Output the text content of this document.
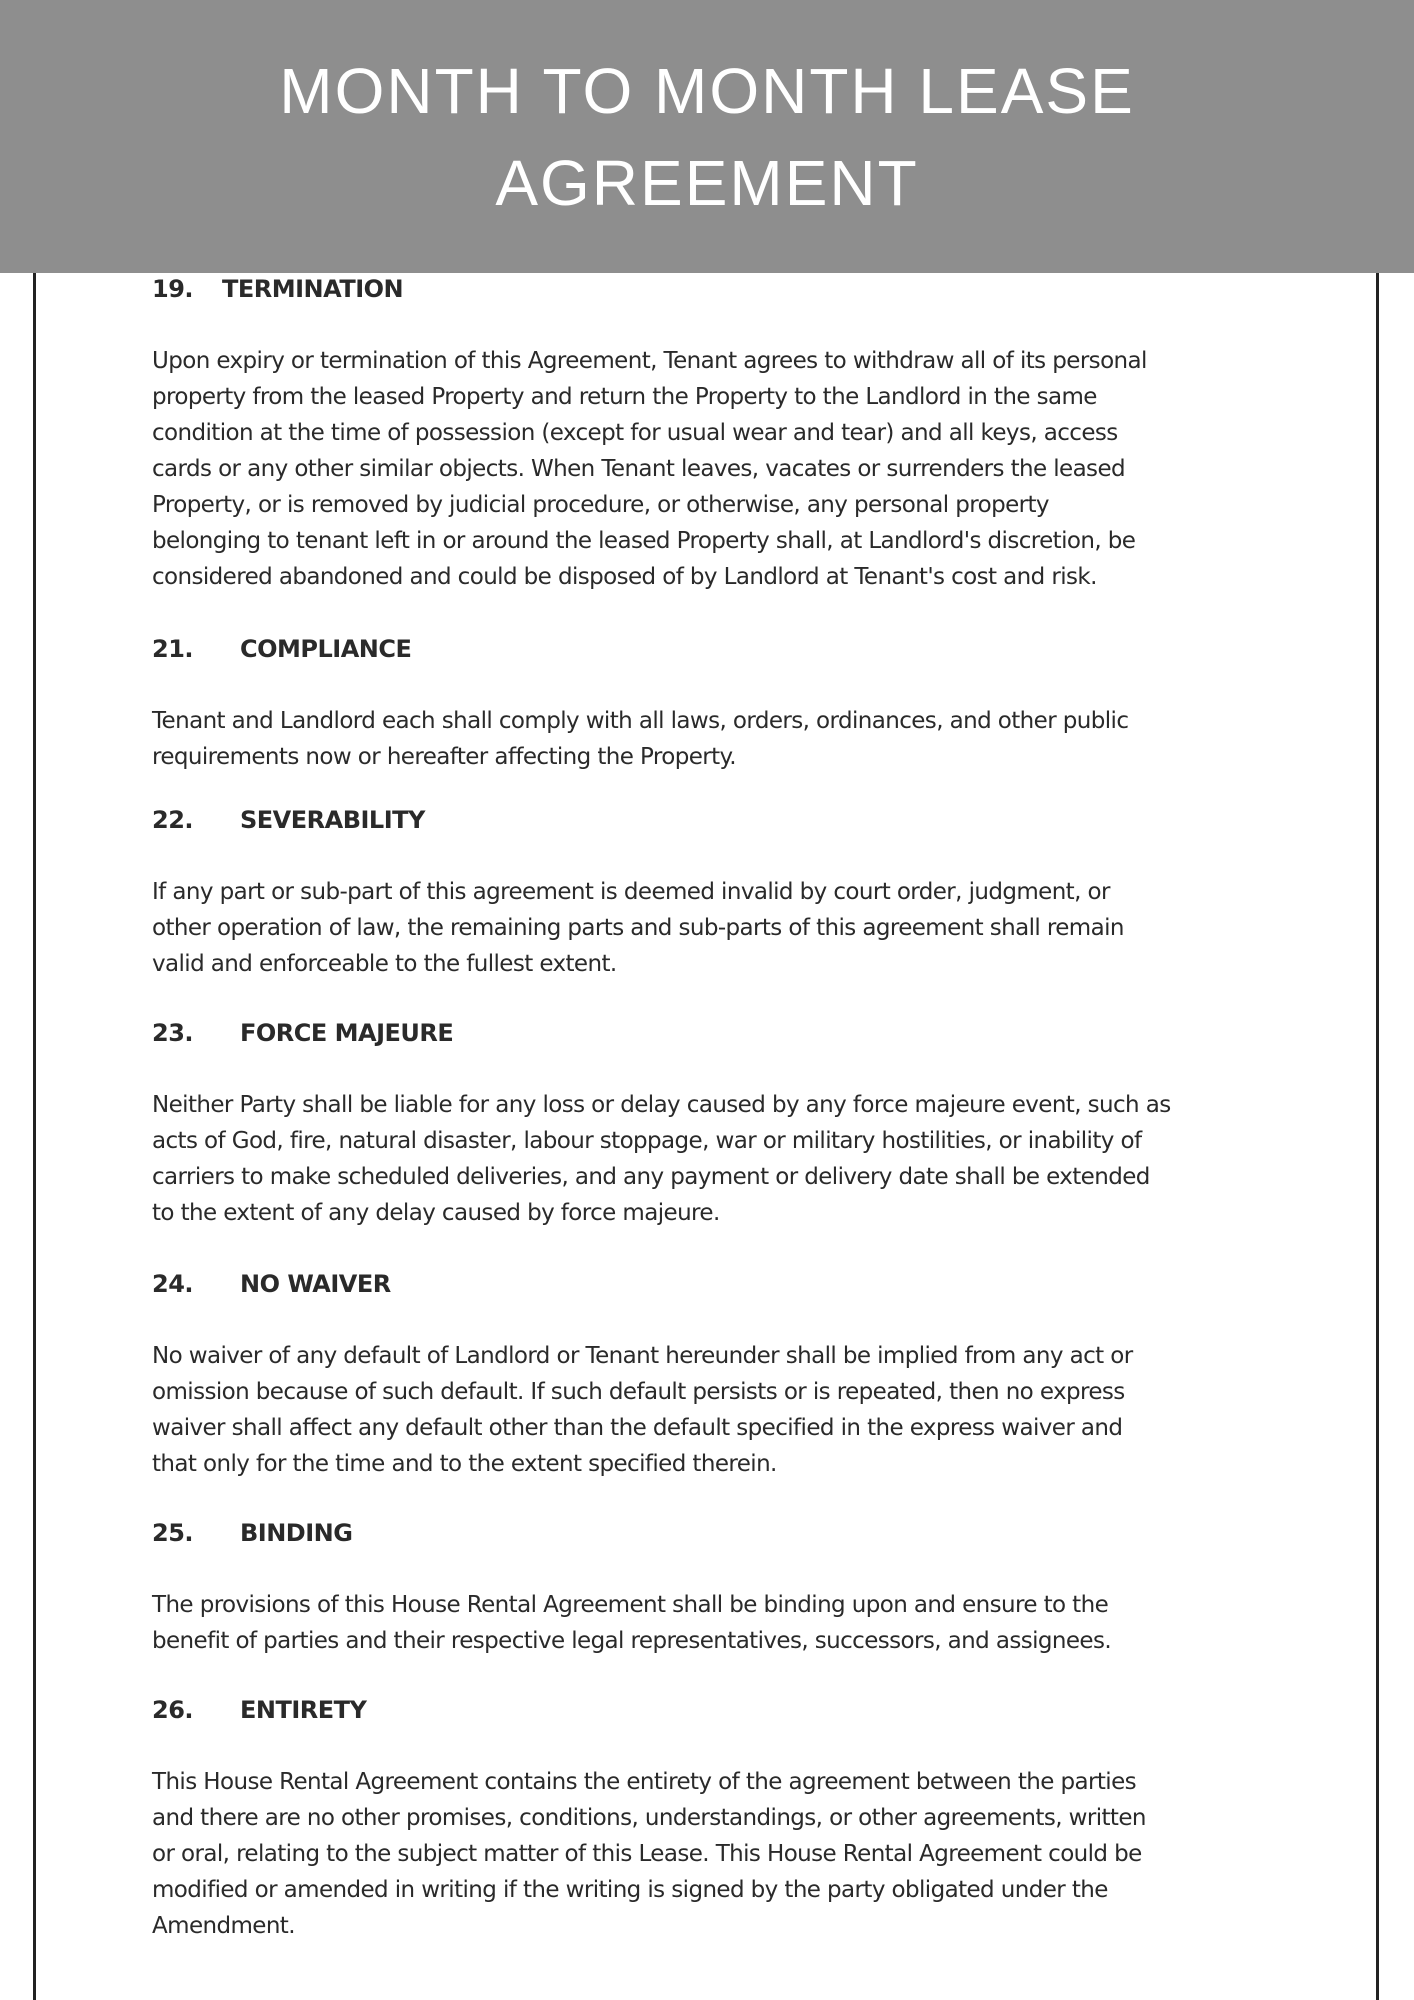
MONTH TO MONTH LEASE
AGREEMENT
19. TERMINATION
Upon expiry or termination of this Agreement, Tenant agrees to withdraw all of its personal
property from the leased Property and return the Property to the Landlord in the same
condition at the time of possession (except for usual wear and tear) and all keys, access
cards or any other similar objects. When Tenant leaves, vacates or surrenders the leased
Property, or is removed by judicial procedure, or otherwise, any personal property
belonging to tenant left in or around the leased Property shall, at Landlord's discretion, be
considered abandoned and could be disposed of by Landlord at Tenant's cost and risk.
21. COMPLIANCE
Tenant and Landlord each shall comply with all laws, orders, ordinances, and other public
requirements now or hereafter affecting the Property.
22. SEVERABILITY
If any part or sub-part of this agreement is deemed invalid by court order, judgment, or
other operation of law, the remaining parts and sub-parts of this agreement shall remain
valid and enforceable to the fullest extent.
23. FORCE MAJEURE
Neither Party shall be liable for any loss or delay caused by any force majeure event, such as
acts of God, fire, natural disaster, labour stoppage, war or military hostilities, or inability of
carriers to make scheduled deliveries, and any payment or delivery date shall be extended
to the extent of any delay caused by force majeure.
24. NO WAIVER
No waiver of any default of Landlord or Tenant hereunder shall be implied from any act or
omission because of such default. If such default persists or is repeated, then no express
waiver shall affect any default other than the default specified in the express waiver and
that only for the time and to the extent specified therein.
25. BINDING
The provisions of this House Rental Agreement shall be binding upon and ensure to the
benefit of parties and their respective legal representatives, successors, and assignees.
26. ENTIRETY
This House Rental Agreement contains the entirety of the agreement between the parties
and there are no other promises, conditions, understandings, or other agreements, written
or oral, relating to the subject matter of this Lease. This House Rental Agreement could be
modified or amended in writing if the writing is signed by the party obligated under the
Amendment.
